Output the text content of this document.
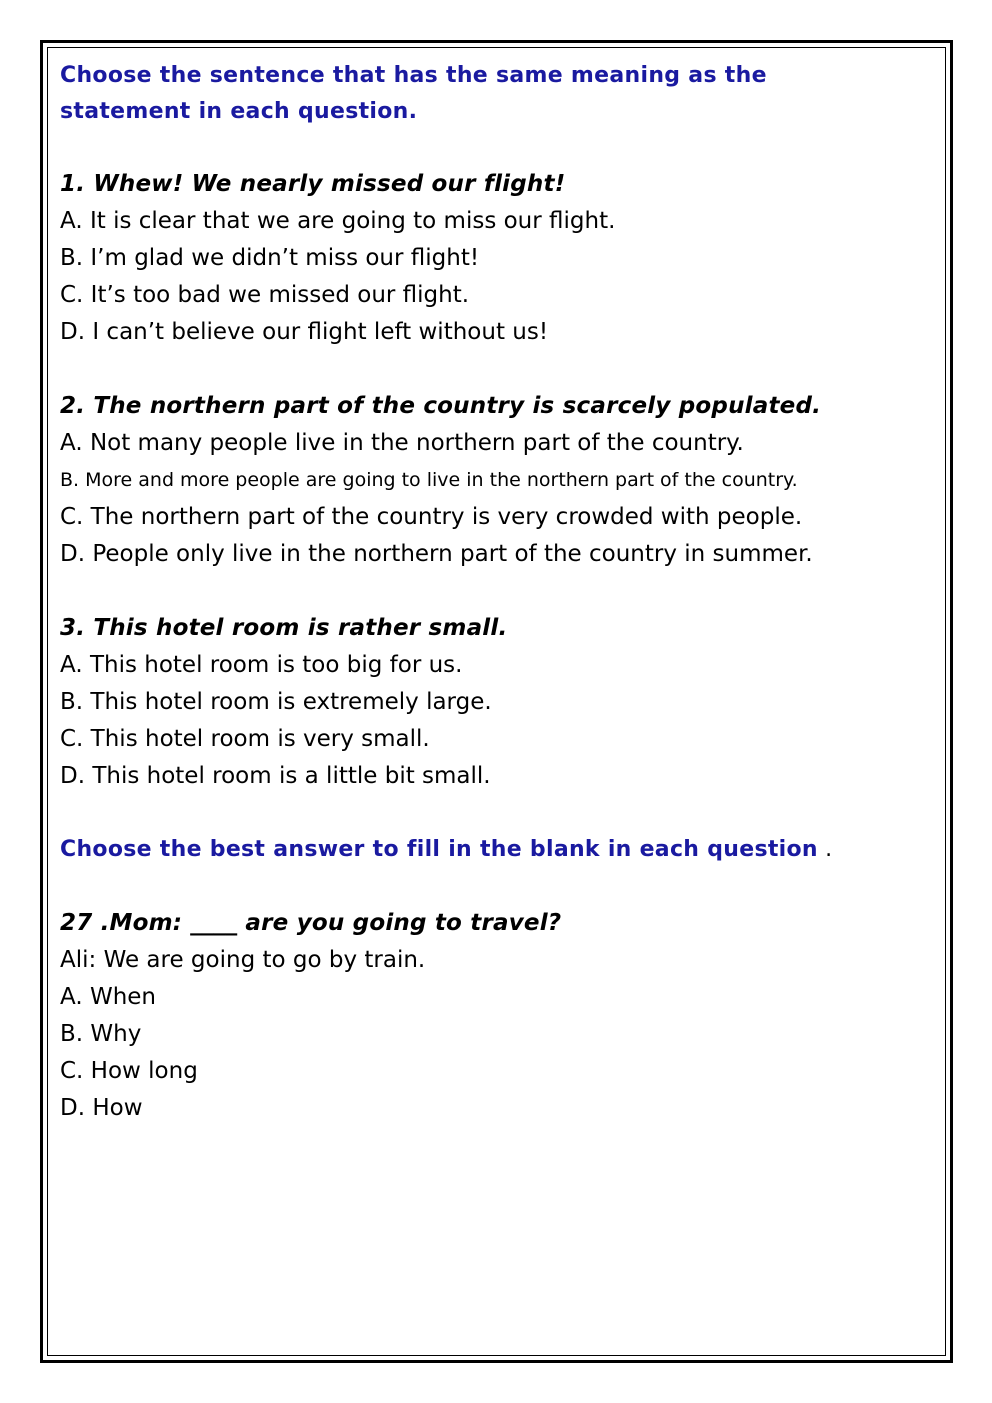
Choose the sentence that has the same meaning as the

statement in each question.

1. Whew! We nearly missed our flight!

A. It is clear that we are going to miss our flight.

B. I’m glad we didn’t miss our flight!

C. It’s too bad we missed our flight.

D. I can’t believe our flight left without us!

2. The northern part of the country is scarcely populated.

A. Not many people live in the northern part of the country.

B. More and more people are going to live in the northern part of the country.

C. The northern part of the country is very crowded with people.

D. People only live in the northern part of the country in summer.

3. This hotel room is rather small.

A. This hotel room is too big for us.

B. This hotel room is extremely large.

C. This hotel room is very small.

D. This hotel room is a little bit small.

Choose the best answer to fill in the blank in each question .

27 .Mom: ____ are you going to travel?

Ali: We are going to go by train.

A. When

B. Why

C. How long

D. How
